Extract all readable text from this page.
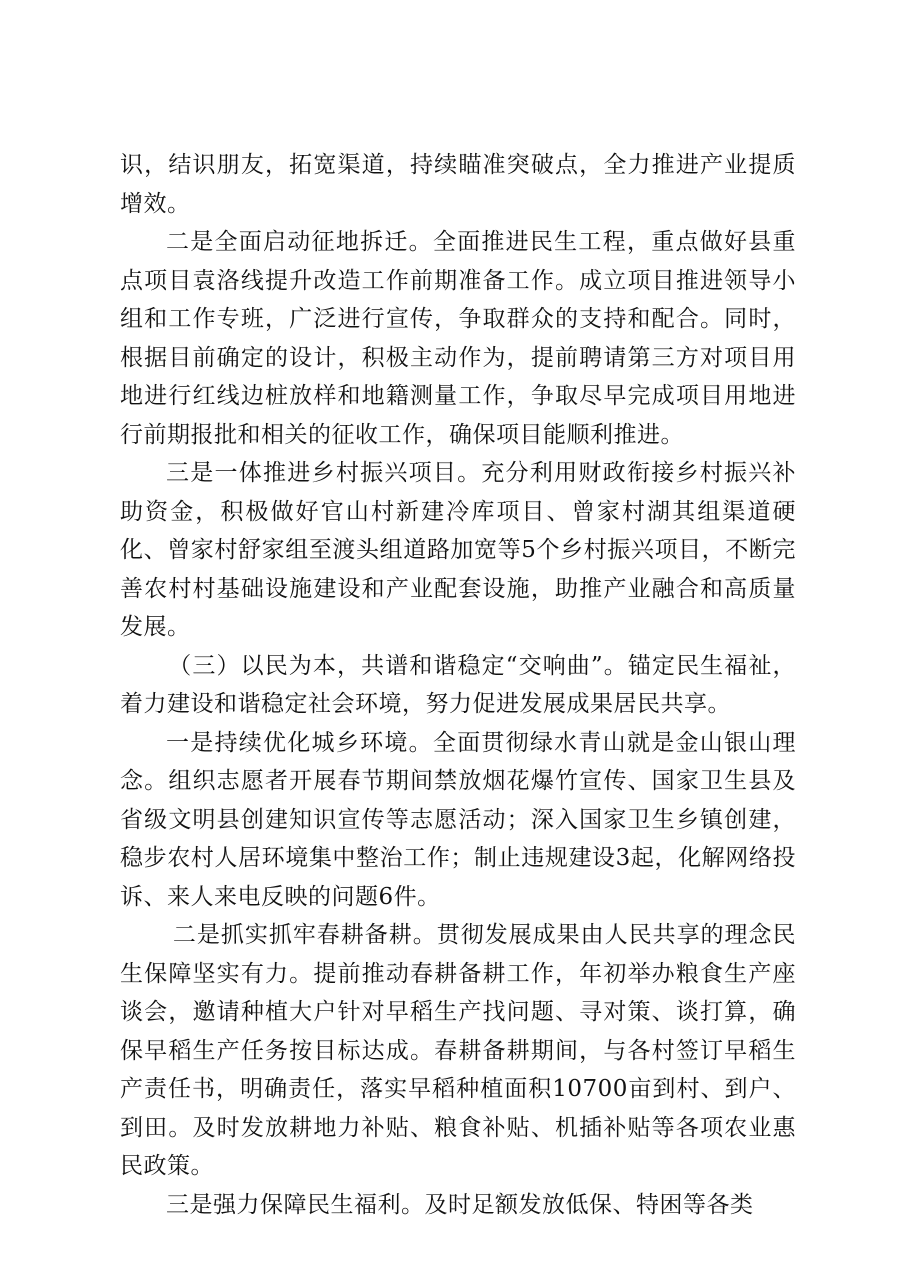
识，结识朋友，拓宽渠道，持续瞄准突破点，全力推进产业提质增效。

二是全面启动征地拆迁。全面推进民生工程，重点做好县重点项目袁洛线提升改造工作前期准备工作。成立项目推进领导小组和工作专班，广泛进行宣传，争取群众的支持和配合。同时，根据目前确定的设计，积极主动作为，提前聘请第三方对项目用地进行红线边桩放样和地籍测量工作，争取尽早完成项目用地进行前期报批和相关的征收工作，确保项目能顺利推进。

三是一体推进乡村振兴项目。充分利用财政衔接乡村振兴补助资金，积极做好官山村新建冷库项目、曾家村湖其组渠道硬化、曾家村舒家组至渡头组道路加宽等5个乡村振兴项目，不断完善农村村基础设施建设和产业配套设施，助推产业融合和高质量发展。

（三）以民为本，共谱和谐稳定“交响曲”。锚定民生福祉，着力建设和谐稳定社会环境，努力促进发展成果居民共享。

一是持续优化城乡环境。全面贯彻绿水青山就是金山银山理念。组织志愿者开展春节期间禁放烟花爆竹宣传、国家卫生县及省级文明县创建知识宣传等志愿活动；深入国家卫生乡镇创建，稳步农村人居环境集中整治工作；制止违规建设3起，化解网络投诉、来人来电反映的问题6件。

二是抓实抓牢春耕备耕。贯彻发展成果由人民共享的理念民生保障坚实有力。提前推动春耕备耕工作，年初举办粮食生产座谈会，邀请种植大户针对早稻生产找问题、寻对策、谈打算，确保早稻生产任务按目标达成。春耕备耕期间，与各村签订早稻生产责任书，明确责任，落实早稻种植面积10700亩到村、到户、到田。及时发放耕地力补贴、粮食补贴、机插补贴等各项农业惠民政策。

三是强力保障民生福利。及时足额发放低保、特困等各类
